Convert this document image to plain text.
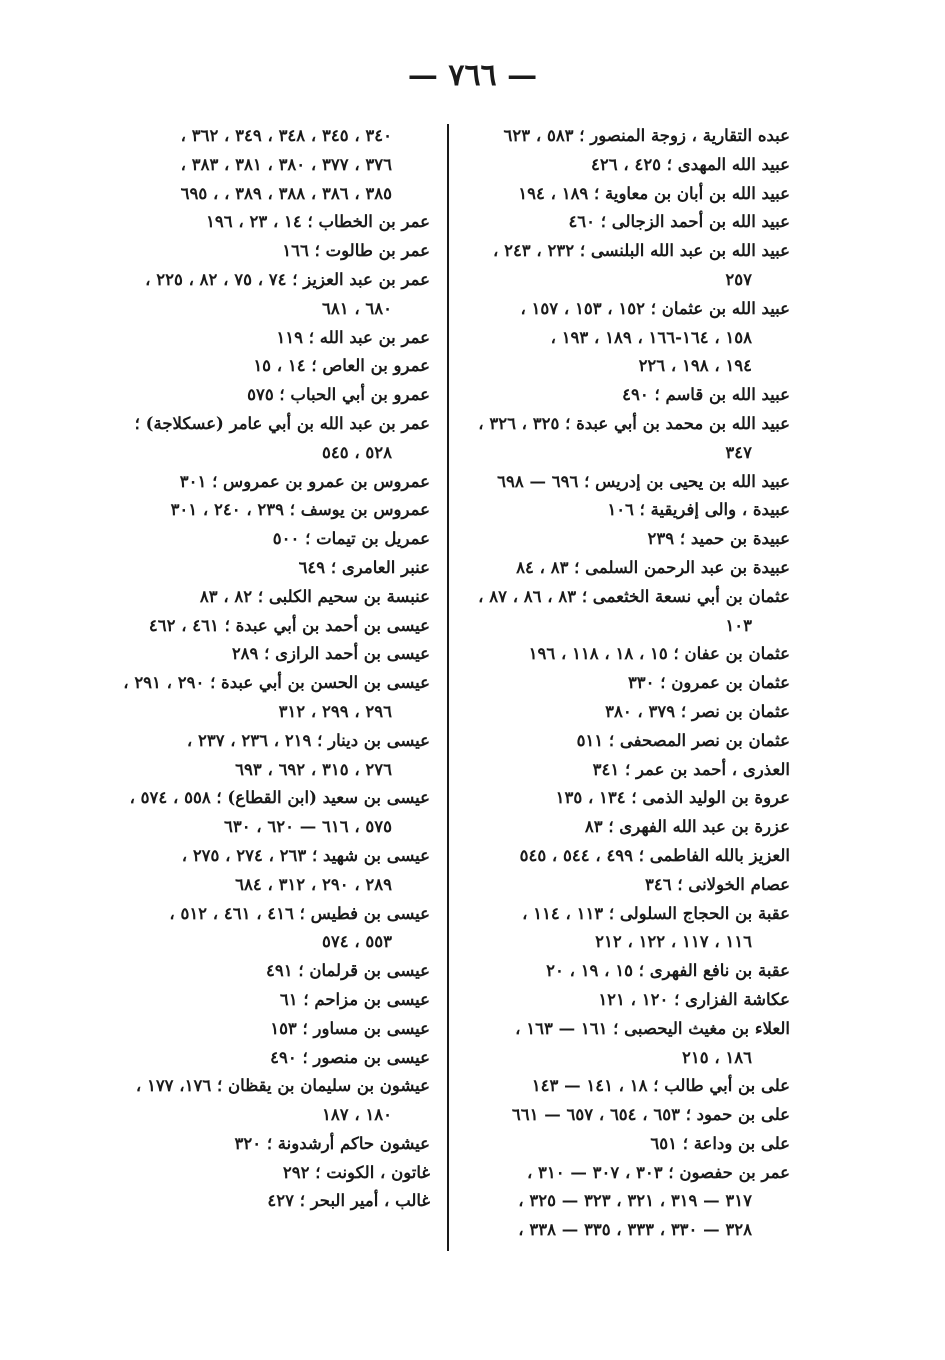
— ٧٦٦ —
عبده التقارية ، زوجة المنصور ؛ ٥٨٣ ، ٦٢٣
عبيد الله المهدى ؛ ٤٢٥ ، ٤٢٦
عبيد الله بن أبان بن معاوية ؛ ١٨٩ ، ١٩٤
عبيد الله بن أحمد الزجالى ؛ ٤٦٠
عبيد الله بن عبد الله البلنسى ؛ ٢٣٢ ، ٢٤٣ ،
٢٥٧
عبيد الله بن عثمان ؛ ١٥٢ ، ١٥٣ ، ١٥٧ ،
١٥٨ ، ١٦٤-١٦٦ ، ١٨٩ ، ١٩٣ ،
١٩٤ ، ١٩٨ ، ٢٢٦
عبيد الله بن قاسم ؛ ٤٩٠
عبيد الله بن محمد بن أبي عبدة ؛ ٣٢٥ ، ٣٢٦ ،
٣٤٧
عبيد الله بن يحيى بن إدريس ؛ ٦٩٦ — ٦٩٨
عبيدة ، والى إفريقية ؛ ١٠٦
عبيدة بن حميد ؛ ٢٣٩
عبيدة بن عبد الرحمن السلمى ؛ ٨٣ ، ٨٤
عثمان بن أبي نسعة الخثعمى ؛ ٨٣ ، ٨٦ ، ٨٧ ،
١٠٣
عثمان بن عفان ؛ ١٥ ، ١٨ ، ١١٨ ، ١٩٦
عثمان بن عمرون ؛ ٣٣٠
عثمان بن نصر ؛ ٣٧٩ ، ٣٨٠
عثمان بن نصر المصحفى ؛ ٥١١
العذرى ، أحمد بن عمر ؛ ٣٤١
عروة بن الوليد الذمى ؛ ١٣٤ ، ١٣٥
عزرة بن عبد الله الفهرى ؛ ٨٣
العزيز بالله الفاطمى ؛ ٤٩٩ ، ٥٤٤ ، ٥٤٥
عصام الخولانى ؛ ٣٤٦
عقبة بن الحجاج السلولى ؛ ١١٣ ، ١١٤ ،
١١٦ ، ١١٧ ، ١٢٢ ، ٢١٢
عقبة بن نافع الفهرى ؛ ١٥ ، ١٩ ، ٢٠
عكاشة الفزارى ؛ ١٢٠ ، ١٢١
العلاء بن مغيث اليحصبى ؛ ١٦١ — ١٦٣ ،
١٨٦ ، ٢١٥
على بن أبي طالب ؛ ١٨ ، ١٤١ — ١٤٣
على بن حمود ؛ ٦٥٣ ، ٦٥٤ ، ٦٥٧ — ٦٦١
على بن وداعة ؛ ٦٥١
عمر بن حفصون ؛ ٣٠٣ ، ٣٠٧ — ٣١٠ ،
٣١٧ — ٣١٩ ، ٣٢١ ، ٣٢٣ — ٣٢٥ ،
٣٢٨ — ٣٣٠ ، ٣٣٣ ، ٣٣٥ — ٣٣٨ ،
٣٤٠ ، ٣٤٥ ، ٣٤٨ ، ٣٤٩ ، ٣٦٢ ،
٣٧٦ ، ٣٧٧ ، ٣٨٠ ، ٣٨١ ، ٣٨٣ ،
٣٨٥ ، ٣٨٦ ، ٣٨٨ ، ٣٨٩ ، ، ٦٩٥
عمر بن الخطاب ؛ ١٤ ، ٢٣ ، ١٩٦
عمر بن طالوت ؛ ١٦٦
عمر بن عبد العزيز ؛ ٧٤ ، ٧٥ ، ٨٢ ، ٢٢٥ ،
٦٨٠ ، ٦٨١
عمر بن عبد الله ؛ ١١٩
عمرو بن العاص ؛ ١٤ ، ١٥
عمرو بن أبي الحباب ؛ ٥٧٥
عمر بن عبد الله بن أبي عامر (عسكلاجة) ؛
٥٢٨ ، ٥٤٥
عمروس بن عمرو بن عمروس ؛ ٣٠١
عمروس بن يوسف ؛ ٢٣٩ ، ٢٤٠ ، ٣٠١
عمريل بن تيمات ؛ ٥٠٠
عنبر العامرى ؛ ٦٤٩
عنبسة بن سحيم الكلبى ؛ ٨٢ ، ٨٣
عيسى بن أحمد بن أبي عبدة ؛ ٤٦١ ، ٤٦٢
عيسى بن أحمد الرازى ؛ ٢٨٩
عيسى بن الحسن بن أبي عبدة ؛ ٢٩٠ ، ٢٩١ ،
٢٩٦ ، ٢٩٩ ، ٣١٢
عيسى بن دينار ؛ ٢١٩ ، ٢٣٦ ، ٢٣٧ ،
٢٧٦ ، ٣١٥ ، ٦٩٢ ، ٦٩٣
عيسى بن سعيد (ابن القطاع) ؛ ٥٥٨ ، ٥٧٤ ،
٥٧٥ ، ٦١٦ — ٦٢٠ ، ٦٣٠
عيسى بن شهيد ؛ ٢٦٣ ، ٢٧٤ ، ٢٧٥ ،
٢٨٩ ، ٢٩٠ ، ٣١٢ ، ٦٨٤
عيسى بن فطيس ؛ ٤١٦ ، ٤٦١ ، ٥١٢ ،
٥٥٣ ، ٥٧٤
عيسى بن قرلمان ؛ ٤٩١
عيسى بن مزاحم ؛ ٦١
عيسى بن مساور ؛ ١٥٣
عيسى بن منصور ؛ ٤٩٠
عيشون بن سليمان بن يقظان ؛ ١٧٦، ١٧٧ ،
١٨٠ ، ١٨٧
عيشون حاكم أرشدونة ؛ ٣٢٠
غاتون ، الكونت ؛ ٢٩٢
غالب ، أمير البحر ؛ ٤٢٧
